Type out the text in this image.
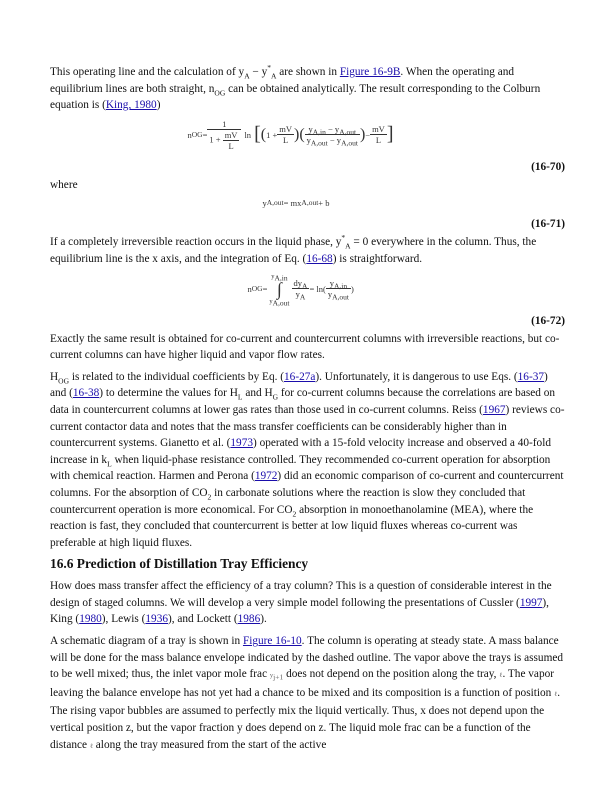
This operating line and the calculation of $y_A - y^*_A$ are shown in Figure 16-9B. When the operating and equilibrium lines are both straight, $n_{OG}$ can be obtained analytically. The result corresponding to the Colburn equation is (King, 1980)

n OG = $\frac{1}{1 + \frac{mV}{L}}$ ln [ ( $1 + \frac{mV}{L}$ ) ( $\frac{y_{A,in} - y_{A,out}}{y_{A,out} - y_{A,out}}$ ) − $\frac{mV}{L}$ ]
(16-70)

where

y A,out = mx A,out + b
(16-71)

If a completely irreversible reaction occurs in the liquid phase, $y^*_A = 0$ everywhere in the column. Thus, the equilibrium line is the x axis, and the integration of Eq. (16-68) is straightforward.

n OG =
$y_{A,in}$
∫
$y_{A,out}$
$\frac{dy_A}{y_A} = \ln( \frac{y_{A,in}}{y_{A,out}}$ )
(16-72)

Exactly the same result is obtained for co-current and countercurrent columns with irreversible reactions, but co-current columns can have higher liquid and vapor flow rates.

$H_{OG}$ is related to the individual coefficients by Eq. (16-27a). Unfortunately, it is dangerous to use Eqs. (16-37) and (16-38) to determine the values for $H_L$ and $H_G$ for co-current columns because the correlations are based on data in countercurrent columns at lower gas rates than those used in co-current columns. Reiss (1967) reviews co-current contactor data and notes that the mass transfer coefficients can be considerably higher than in countercurrent systems. Gianetto et al. (1973) operated with a 15-fold velocity increase and observed a 40-fold increase in $k_L$ when liquid-phase resistance controlled. They recommended co-current operation for absorption with chemical reaction. Harmen and Perona (1972) did an economic comparison of co-current and countercurrent columns. For the absorption of $CO_2$ in carbonate solutions where the reaction is slow they concluded that countercurrent operation is more economical. For $CO_2$ absorption in monoethanolamine (MEA), where the reaction is fast, they concluded that countercurrent is better at low liquid fluxes whereas co-current was preferable at high liquid fluxes.

16.6 Prediction of Distillation Tray Efficiency

How does mass transfer affect the efficiency of a tray column? This is a question of considerable interest in the design of staged columns. We will develop a very simple model following the presentations of Cussler (1997), King (1980), Lewis (1936), and Lockett (1986).

A schematic diagram of a tray is shown in Figure 16-10. The column is operating at steady state. A mass balance will be done for the mass balance envelope indicated by the dashed outline. The vapor above the trays is assumed to be well mixed; thus, the inlet vapor mole frac $y_{j+1}$ does not depend on the position along the tray, ℓ. The vapor leaving the balance envelope has not yet had a chance to be mixed and its composition is a function of position ℓ. The rising vapor bubbles are assumed to perfectly mix the liquid vertically. Thus, x does not depend upon the vertical position z, but the vapor fraction y does depend on z. The liquid mole frac can be a function of the distance ℓ along the tray measured from the start of the active
